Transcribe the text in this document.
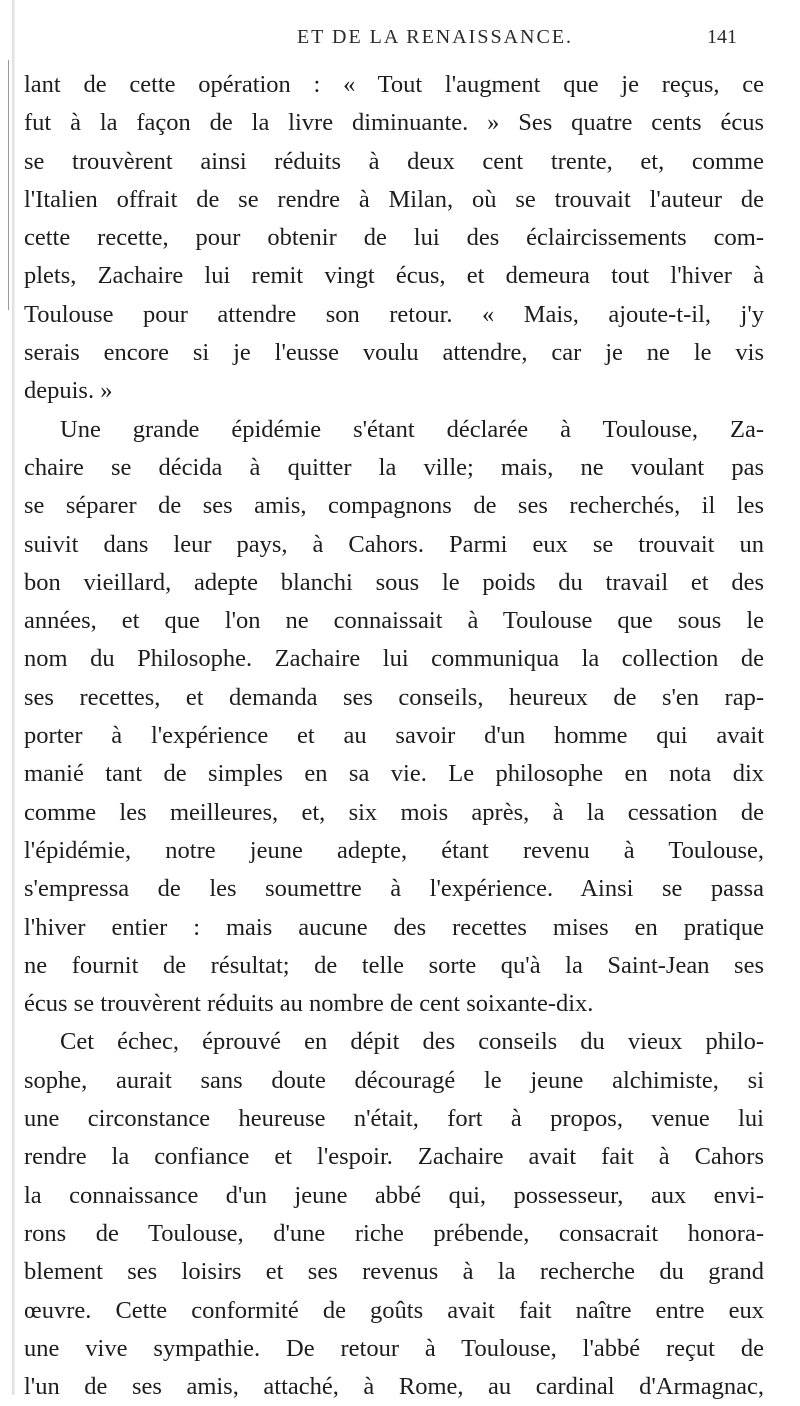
ET DE LA RENAISSANCE.	141
lant de cette opération : « Tout l'augment que je reçus, ce
fut à la façon de la livre diminuante. » Ses quatre cents écus
se trouvèrent ainsi réduits à deux cent trente, et, comme
l'Italien offrait de se rendre à Milan, où se trouvait l'auteur de
cette recette, pour obtenir de lui des éclaircissements com-
plets, Zachaire lui remit vingt écus, et demeura tout l'hiver à
Toulouse pour attendre son retour. « Mais, ajoute-t-il, j'y
serais encore si je l'eusse voulu attendre, car je ne le vis
depuis. »
Une grande épidémie s'étant déclarée à Toulouse, Za-
chaire se décida à quitter la ville; mais, ne voulant pas
se séparer de ses amis, compagnons de ses recherchés, il les
suivit dans leur pays, à Cahors. Parmi eux se trouvait un
bon vieillard, adepte blanchi sous le poids du travail et des
années, et que l'on ne connaissait à Toulouse que sous le
nom du Philosophe. Zachaire lui communiqua la collection de
ses recettes, et demanda ses conseils, heureux de s'en rap-
porter à l'expérience et au savoir d'un homme qui avait
manié tant de simples en sa vie. Le philosophe en nota dix
comme les meilleures, et, six mois après, à la cessation de
l'épidémie, notre jeune adepte, étant revenu à Toulouse,
s'empressa de les soumettre à l'expérience. Ainsi se passa
l'hiver entier : mais aucune des recettes mises en pratique
ne fournit de résultat; de telle sorte qu'à la Saint-Jean ses
écus se trouvèrent réduits au nombre de cent soixante-dix.
Cet échec, éprouvé en dépit des conseils du vieux philo-
sophe, aurait sans doute découragé le jeune alchimiste, si
une circonstance heureuse n'était, fort à propos, venue lui
rendre la confiance et l'espoir. Zachaire avait fait à Cahors
la connaissance d'un jeune abbé qui, possesseur, aux envi-
rons de Toulouse, d'une riche prébende, consacrait honora-
blement ses loisirs et ses revenus à la recherche du grand
œuvre. Cette conformité de goûts avait fait naître entre eux
une vive sympathie. De retour à Toulouse, l'abbé reçut de
l'un de ses amis, attaché, à Rome, au cardinal d'Armagnac,
